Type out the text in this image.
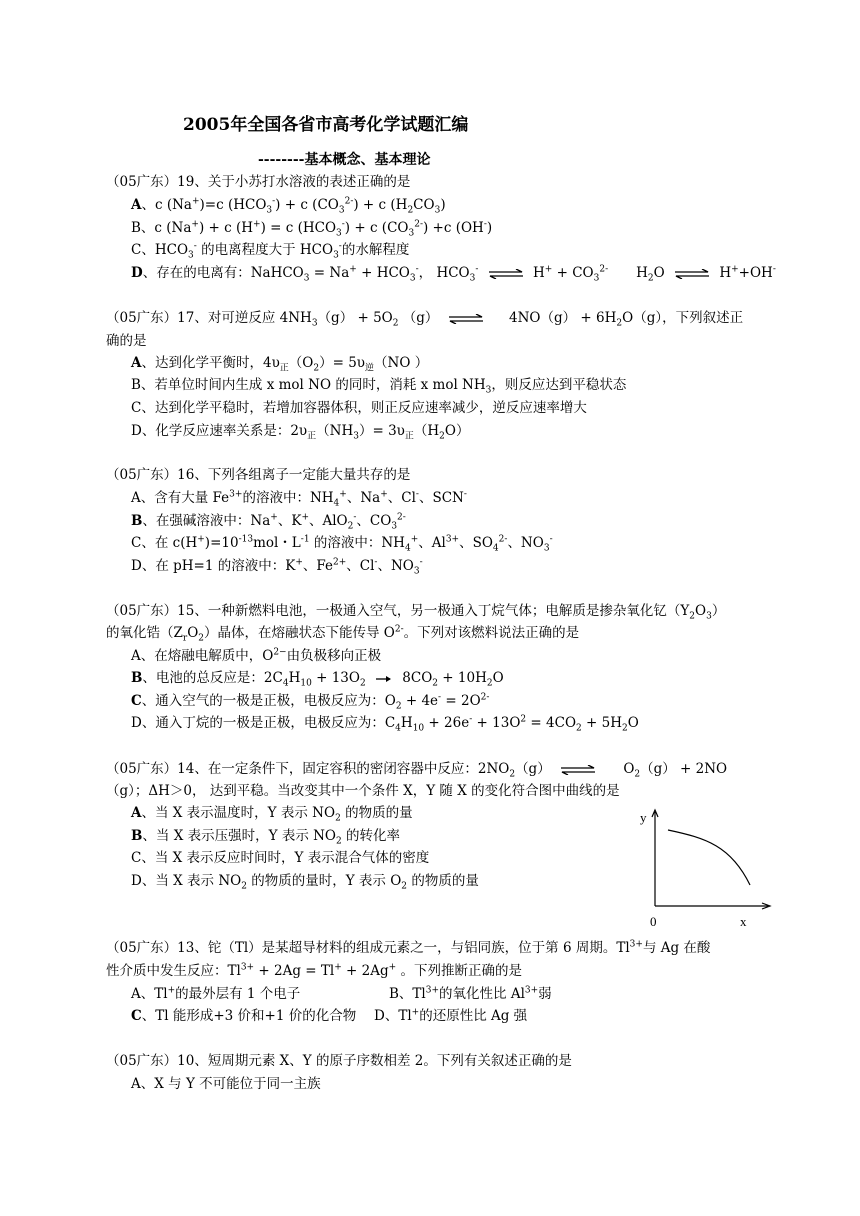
2005年全国各省市高考化学试题汇编
--------基本概念、基本理论
（05广东）19、关于小苏打水溶液的表述正确的是
A、c (Na+)=c $(HCO_3^-) + c$ $(CO_3^{2-}) + c$ $(H_2CO_3)$
B、c (Na+) + c (H+) = c $(HCO_3^-) + c$ $(CO_3^{2-}) +c$ (OH-)
C、$HCO_3^-$ 的电离程度大于 $HCO_3^-$的水解程度
D、存在的电离有：NaHCO$_3$ = $Na^+ + HCO_3^-$， $HCO_3^-$ ⇌ $H^+ + CO_3^{2-}$ $H_2O$ ⇌ H++OH-
（05广东）17、对可逆反应 $4NH_3(g) + 5O_2$ （g） ⇌ $4NO(g) + 6H_2O(g)$，下列叙述正
确的是
A、达到化学平衡时，$4\upsilon_正(O_2)= 5\upsilon_逆(NO$ ）
B、若单位时间内生成 x mol NO 的同时，消耗 x mol $NH_3$，则反应达到平稳状态
C、达到化学平稳时，若增加容器体积，则正反应速率减少，逆反应速率增大
D、化学反应速率关系是：$2\upsilon_正(NH_3)= 3\upsilon_正(H_2O)$
（05广东）16、下列各组离子一定能大量共存的是
A、含有大量 $Fe^{3+}$的溶液中：$NH_4^+$、Na+、Cl-、SCN-
B、在强碱溶液中：Na+、K+、AlO$_2$-、$CO_3^{2-}$
C、在 $c(H^+)=10^{-13}mol$・$L^{-1}$ 的溶液中：$NH_4^+$、$Al^{3+}$、$SO_4^{2-}$、$NO_3^-$
D、在 pH=1 的溶液中：K+、$Fe^{2+}$、Cl-、$NO_3^-$
（05广东）15、一种新燃料电池，一极通入空气，另一极通入丁烷气体；电解质是掺杂氧化钇$(Y_2O_3)$
的氧化锆$(Z_rO_2)$晶体，在熔融状态下能传导 $O^{2-}$。下列对该燃料说法正确的是
A、在熔融电解质中，$O^{2-}$由负极移向正极
B、电池的总反应是：$2C_4H_{10} + 13O_2 \to 8CO_2 + 10H_2O$
C、通入空气的一极是正极，电极反应为：$O_2 + 4e^- = 2O^{2-}$
D、通入丁烷的一极是正极，电极反应为：$C_4H_{10} + 26e^- + 13O^2 = 4CO_2 + 5H_2O$
（05广东）14、在一定条件下，固定容积的密闭容器中反应：$2NO_2(g)$ ⇌ $O_2(g) + 2NO$
（g）；ΔH＞0， 达到平稳。当改变其中一个条件 X，Y 随 X 的变化符合图中曲线的是
A、当 X 表示温度时，Y 表示 $NO_2$ 的物质的量
B、当 X 表示压强时，Y 表示 $NO_2$ 的转化率
C、当 X 表示反应时间时，Y 表示混合气体的密度
D、当 X 表示 $NO_2$ 的物质的量时，Y 表示 $O_2$ 的物质的量
y
0	x
（05广东）13、铊（Tl）是某超导材料的组成元素之一，与铝同族，位于第 6 周期。$Tl^{3+}$与 Ag 在酸
性介质中发生反应：$Tl^{3+} + 2Ag = Tl^+ + 2Ag^+$ 。下列推断正确的是
A、Tl+的最外层有 1 个电子	B、$Tl^{3+}$的氧化性比 $Al^{3+}$弱
C、Tl 能形成+3 价和+1 价的化合物 D、Tl+的还原性比 Ag 强
（05广东）10、短周期元素 X、Y 的原子序数相差 2。下列有关叙述正确的是
A、X 与 Y 不可能位于同一主族
